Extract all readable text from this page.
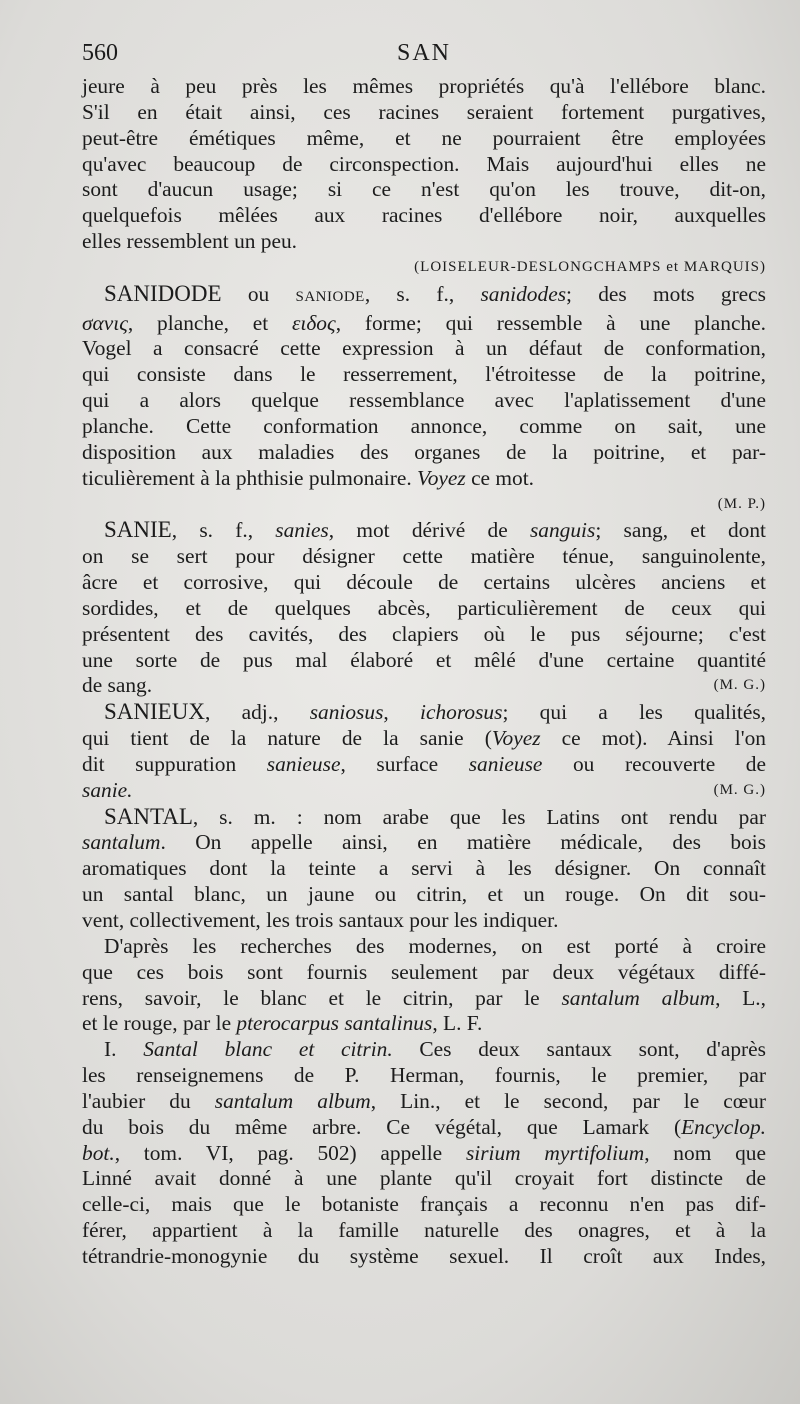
560	SAN
jeure à peu près les mêmes propriétés qu'à l'ellébore blanc.
S'il en était ainsi, ces racines seraient fortement purgatives,
peut-être émétiques même, et ne pourraient être employées
qu'avec beaucoup de circonspection. Mais aujourd'hui elles ne
sont d'aucun usage; si ce n'est qu'on les trouve, dit-on,
quelquefois mêlées aux racines d'ellébore noir, auxquelles
elles ressemblent un peu.
(LOISELEUR-DESLONGCHAMPS et MARQUIS)
SANIDODE ou SANIODE, s. f., sanidodes; des mots grecs
σανις, planche, et ειδος, forme; qui ressemble à une planche.
Vogel a consacré cette expression à un défaut de conformation,
qui consiste dans le resserrement, l'étroitesse de la poitrine,
qui a alors quelque ressemblance avec l'aplatissement d'une
planche. Cette conformation annonce, comme on sait, une
disposition aux maladies des organes de la poitrine, et par-
ticulièrement à la phthisie pulmonaire. Voyez ce mot.
(M. P.)
SANIE, s. f., sanies, mot dérivé de sanguis; sang, et dont
on se sert pour désigner cette matière ténue, sanguinolente,
âcre et corrosive, qui découle de certains ulcères anciens et
sordides, et de quelques abcès, particulièrement de ceux qui
présentent des cavités, des clapiers où le pus séjourne; c'est
une sorte de pus mal élaboré et mêlé d'une certaine quantité
de sang.	(M. G.)
SANIEUX, adj., saniosus, ichorosus; qui a les qualités,
qui tient de la nature de la sanie (Voyez ce mot). Ainsi l'on
dit suppuration sanieuse, surface sanieuse ou recouverte de
sanie.	(M. G.)
SANTAL, s. m. : nom arabe que les Latins ont rendu par
santalum. On appelle ainsi, en matière médicale, des bois
aromatiques dont la teinte a servi à les désigner. On connaît
un santal blanc, un jaune ou citrin, et un rouge. On dit sou-
vent, collectivement, les trois santaux pour les indiquer.
D'après les recherches des modernes, on est porté à croire
que ces bois sont fournis seulement par deux végétaux diffé-
rens, savoir, le blanc et le citrin, par le santalum album, L.,
et le rouge, par le pterocarpus santalinus, L. F.
I. Santal blanc et citrin. Ces deux santaux sont, d'après
les renseignemens de P. Herman, fournis, le premier, par
l'aubier du santalum album, Lin., et le second, par le cœur
du bois du même arbre. Ce végétal, que Lamark (Encyclop.
bot., tom. VI, pag. 502) appelle sirium myrtifolium, nom que
Linné avait donné à une plante qu'il croyait fort distincte de
celle-ci, mais que le botaniste français a reconnu n'en pas dif-
férer, appartient à la famille naturelle des onagres, et à la
tétrandrie-monogynie du système sexuel. Il croît aux Indes,
